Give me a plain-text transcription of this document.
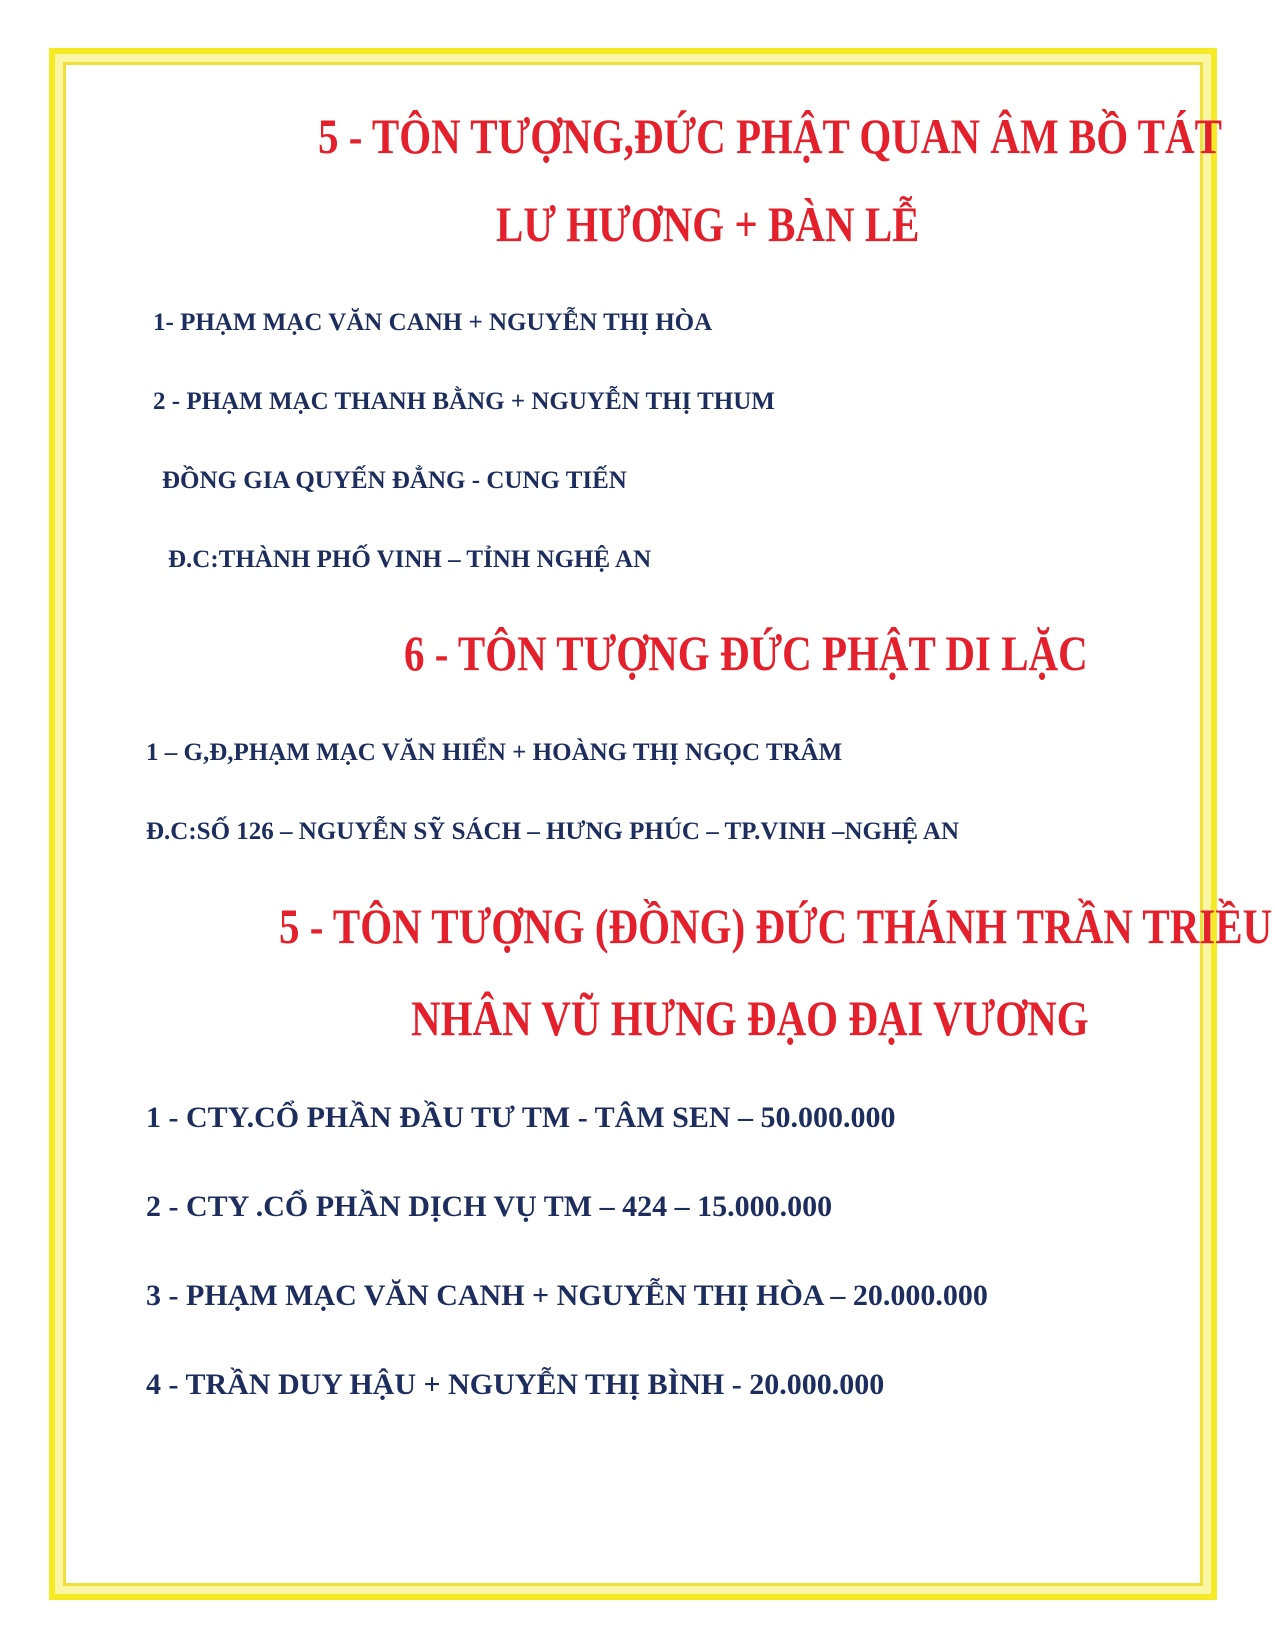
5 - TÔN TƯỢNG,ĐỨC PHẬT QUAN ÂM BỒ TÁT
LƯ HƯƠNG + BÀN LỄ
1- PHẠM MẠC VĂN CANH + NGUYỄN THỊ HÒA
2 - PHẠM MẠC THANH BẰNG + NGUYỄN THỊ THUM
ĐỒNG GIA QUYẾN ĐẲNG - CUNG TIẾN
Đ.C:THÀNH PHỐ VINH – TỈNH NGHỆ AN
6 - TÔN TƯỢNG ĐỨC PHẬT DI LẶC
1 – G,Đ,PHẠM MẠC VĂN HIỂN + HOÀNG THỊ NGỌC TRÂM
Đ.C:SỐ 126 – NGUYỄN SỸ SÁCH – HƯNG PHÚC – TP.VINH –NGHỆ AN
5 - TÔN TƯỢNG (ĐỒNG) ĐỨC THÁNH TRẦN TRIỀU
NHÂN VŨ HƯNG ĐẠO ĐẠI VƯƠNG
1 - CTY.CỔ PHẦN ĐẦU TƯ TM - TÂM SEN – 50.000.000
2 - CTY .CỔ PHẦN DỊCH VỤ TM – 424 – 15.000.000
3 - PHẠM MẠC VĂN CANH + NGUYỄN THỊ HÒA – 20.000.000
4 - TRẦN DUY HẬU + NGUYỄN THỊ BÌNH - 20.000.000
